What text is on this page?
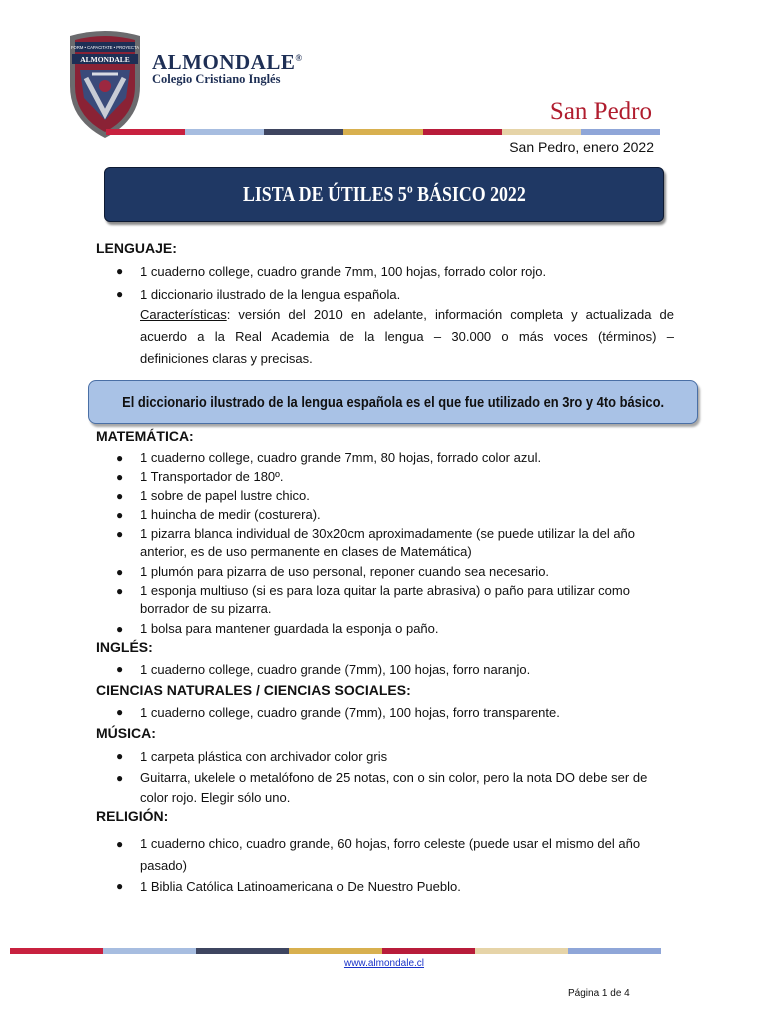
FORM • CAPACITATE • PROYECTA
ALMONDALE ALMONDALE®
Colegio Cristiano Inglés
San Pedro
San Pedro, enero 2022
LISTA DE ÚTILES 5º BÁSICO 2022
LENGUAJE:
● 1 cuaderno college, cuadro grande 7mm, 100 hojas, forrado color rojo.
● 1 diccionario ilustrado de la lengua española.
Características: versión del 2010 en adelante, información completa y actualizada de
acuerdo a la Real Academia de la lengua – 30.000 o más voces (términos) –
definiciones claras y precisas.
El diccionario ilustrado de la lengua española es el que fue utilizado en 3ro y 4to básico.
MATEMÁTICA:
● 1 cuaderno college, cuadro grande 7mm, 80 hojas, forrado color azul.
● 1 Transportador de 180º.
● 1 sobre de papel lustre chico.
● 1 huincha de medir (costurera).
● 1 pizarra blanca individual de 30x20cm aproximadamente (se puede utilizar la del año anterior, es de uso permanente en clases de Matemática)
● 1 plumón para pizarra de uso personal, reponer cuando sea necesario.
● 1 esponja multiuso (si es para loza quitar la parte abrasiva) o paño para utilizar como borrador de su pizarra.
● 1 bolsa para mantener guardada la esponja o paño.
INGLÉS:
● 1 cuaderno college, cuadro grande (7mm), 100 hojas, forro naranjo.
CIENCIAS NATURALES / CIENCIAS SOCIALES:
● 1 cuaderno college, cuadro grande (7mm), 100 hojas, forro transparente.
MÚSICA:
● 1 carpeta plástica con archivador color gris
● Guitarra, ukelele o metalófono de 25 notas, con o sin color, pero la nota DO debe ser de color rojo. Elegir sólo uno.
RELIGIÓN:
● 1 cuaderno chico, cuadro grande, 60 hojas, forro celeste (puede usar el mismo del año pasado)
● 1 Biblia Católica Latinoamericana o De Nuestro Pueblo.
www.almondale.cl
Página 1 de 4
